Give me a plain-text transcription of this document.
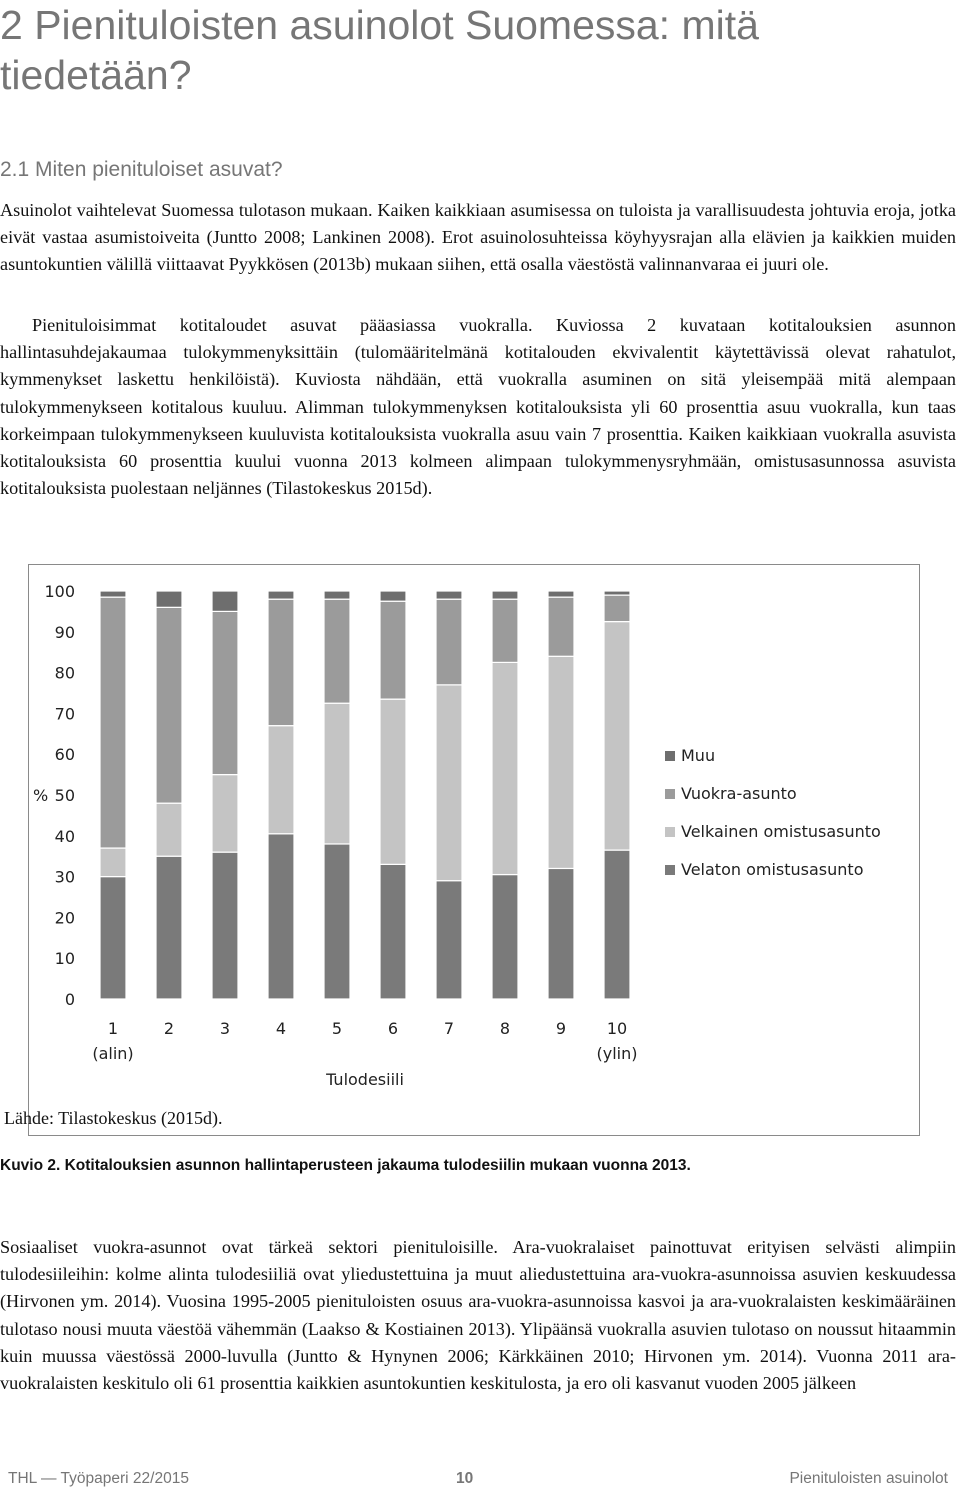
2 Pienituloisten asuinolot Suomessa: mitä
tiedetään?
2.1 Miten pienituloiset asuvat?

Asuinolot vaihtelevat Suomessa tulotason mukaan. Kaiken kaikkiaan asumisessa on tuloista ja varallisuudesta johtuvia eroja, jotka eivät vastaa asumistoiveita (Juntto 2008; Lankinen 2008). Erot asuinolosuhteissa köyhyysrajan alla elävien ja kaikkien muiden asuntokuntien välillä viittaavat Pyykkösen (2013b) mukaan siihen, että osalla väestöstä valinnanvaraa ei juuri ole.

Pienituloisimmat kotitaloudet asuvat pääasiassa vuokralla. Kuviossa 2 kuvataan kotitalouksien asunnon hallintasuhdejakaumaa tulokymmenyksittäin (tulomääritelmänä kotitalouden ekvivalentit käytettävissä olevat rahatulot, kymmenykset laskettu henkilöistä). Kuviosta nähdään, että vuokralla asuminen on sitä yleisempää mitä alempaan tulokymmenykseen kotitalous kuuluu. Alimman tulokymmenyksen kotitalouksista yli 60 prosenttia asuu vuokralla, kun taas korkeimpaan tulokymmenykseen kuuluvista kotitalouksista vuokralla asuu vain 7 prosenttia. Kaiken kaikkiaan vuokralla asuvista kotitalouksista 60 prosenttia kuului vuonna 2013 kolmeen alimpaan tulokymmenysryhmään, omistusasunnossa asuvista kotitalouksista puolestaan neljännes (Tilastokeskus 2015d).

0
10
20
30
40
50
60
70
80
90
100
%
1
(alin)
2	3	4	5	6	7	8	9	10
(ylin)
Tulodesiili
Muu
Vuokra-asunto
Velkainen omistusasunto
Velaton omistusasunto
Lähde: Tilastokeskus (2015d).
Kuvio 2. Kotitalouksien asunnon hallintaperusteen jakauma tulodesiilin mukaan vuonna 2013.

Sosiaaliset vuokra-asunnot ovat tärkeä sektori pienituloisille. Ara-vuokralaiset painottuvat erityisen selvästi alimpiin tulodesiileihin: kolme alinta tulodesiiliä ovat yliedustettuina ja muut aliedustettuina ara-vuokra-asunnoissa asuvien keskuudessa (Hirvonen ym. 2014). Vuosina 1995-2005 pienituloisten osuus ara-vuokra-asunnoissa kasvoi ja ara-vuokralaisten keskimääräinen tulotaso nousi muuta väestöä vähemmän (Laakso & Kostiainen 2013). Ylipäänsä vuokralla asuvien tulotaso on noussut hitaammin kuin muussa väestössä 2000-luvulla (Juntto & Hynynen 2006; Kärkkäinen 2010; Hirvonen ym. 2014). Vuonna 2011 ara-vuokralaisten keskitulo oli 61 prosenttia kaikkien asuntokuntien keskitulosta, ja ero oli kasvanut vuoden 2005 jälkeen

THL — Työpaperi 22/2015	10	Pienituloisten asuinolot
